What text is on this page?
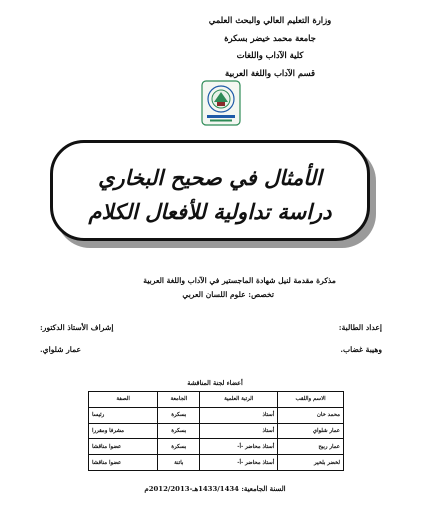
وزارة التعليم العالي والبحث العلمي
جامعة محمد خيضر بسكرة
كلية الآداب واللغات
قسم الآداب واللغة العربية
الأمثال في صحيح البخاري
دراسة تداولية للأفعال الكلام
مذكرة مقدمة لنيل شهادة الماجستير في الآداب واللغة العربية
تخصص: علوم اللسان العربي
إعداد الطالبة:
وهيبة غضاب.
إشراف الأستاذ الدكتور:
عمار شلواي.
أعضاء لجنة المناقشة
الاسم واللقب	الرتبة العلمية	الجامعة	الصفة
محمد خان	أستاذ	بسكرة	رئيسا
عمار شلواي	أستاذ	بسكرة	مشرفا ومقررا
عمار ربيح	أستاذ محاضر -أ-	بسكرة	عضوا مناقشا
لخضر بلخير	أستاذ محاضر -أ-	باتنة	عضوا مناقشا
السنة الجامعية: 1433/1434هـ-2012/2013م
